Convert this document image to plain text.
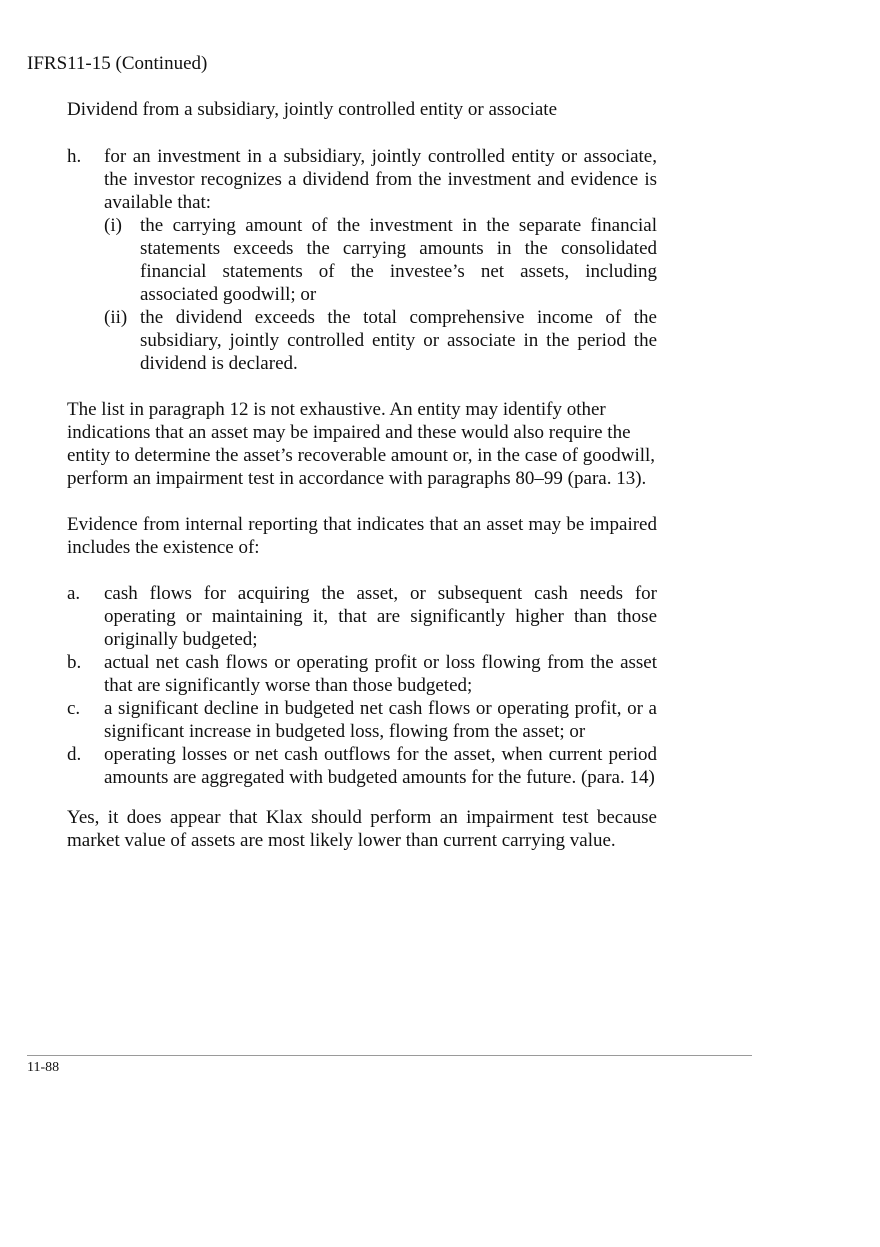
IFRS11-15 (Continued)

Dividend from a subsidiary, jointly controlled entity or associate

h.	for an investment in a subsidiary, jointly controlled entity or associate, the investor recognizes a dividend from the investment and evidence is available that:
(i) the carrying amount of the investment in the separate financial statements exceeds the carrying amounts in the consolidated financial statements of the investee’s net assets, including associated goodwill; or
(ii) the dividend exceeds the total comprehensive income of the subsidiary, jointly controlled entity or associate in the period the dividend is declared.

The list in paragraph 12 is not exhaustive. An entity may identify other indications that an asset may be impaired and these would also require the entity to determine the asset’s recoverable amount or, in the case of goodwill, perform an impairment test in accordance with paragraphs 80–99 (para. 13).

Evidence from internal reporting that indicates that an asset may be impaired includes the existence of:

a.	cash flows for acquiring the asset, or subsequent cash needs for operating or maintaining it, that are significantly higher than those originally budgeted;
b.	actual net cash flows or operating profit or loss flowing from the asset that are significantly worse than those budgeted;
c.	a significant decline in budgeted net cash flows or operating profit, or a significant increase in budgeted loss, flowing from the asset; or
d.	operating losses or net cash outflows for the asset, when current period amounts are aggregated with budgeted amounts for the future. (para. 14)

Yes, it does appear that Klax should perform an impairment test because market value of assets are most likely lower than current carrying value.

11-88
